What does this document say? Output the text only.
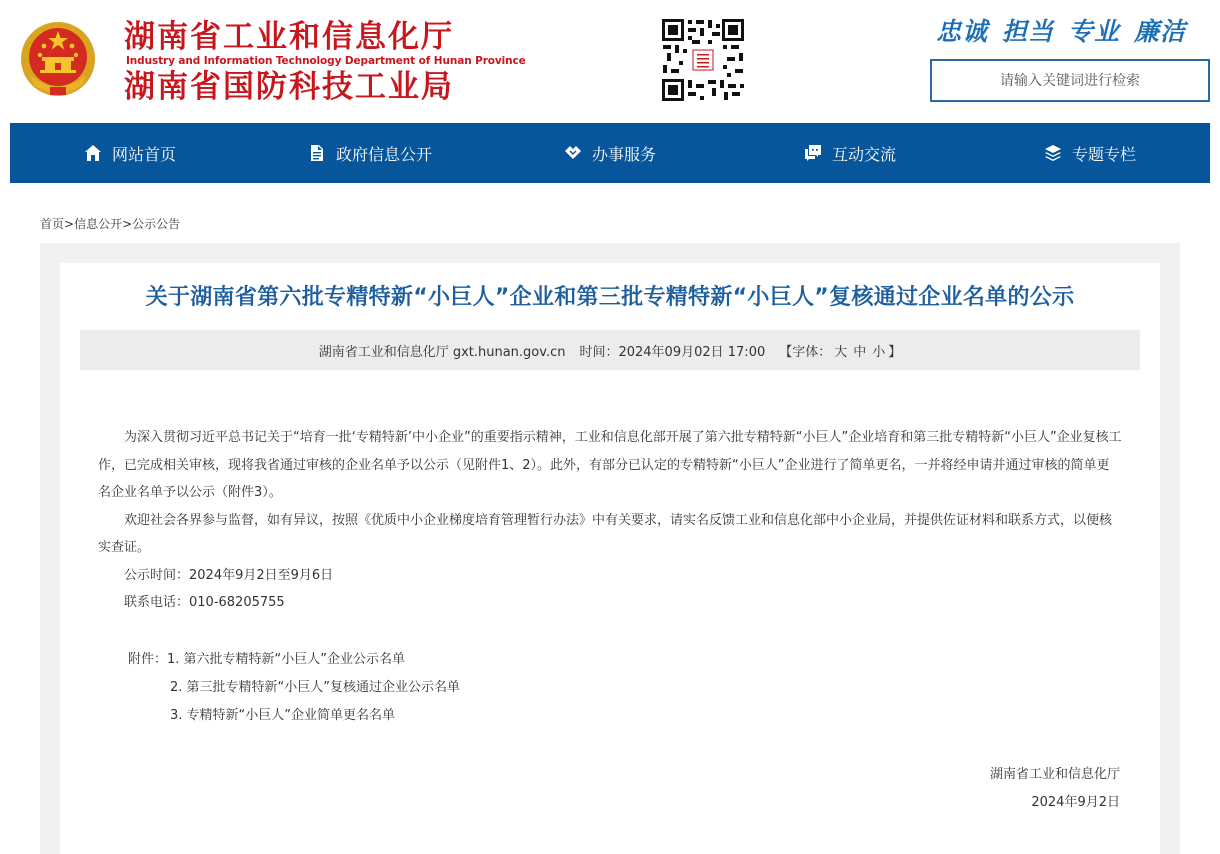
湖南省工业和信息化厅
Industry and Information Technology Department of Hunan Province
湖南省国防科技工业局
忠诚 担当 专业 廉洁
请输入关键词进行检索
网站首页	政府信息公开	办事服务	互动交流	专题专栏
首页>信息公开>公示公告
关于湖南省第六批专精特新“小巨人”企业和第三批专精特新“小巨人”复核通过企业名单的公示
湖南省工业和信息化厅 gxt.hunan.gov.cn 时间：2024年09月02日 17:00 【字体： 大 中 小 】

为深入贯彻习近平总书记关于“培育一批‘专精特新’中小企业”的重要指示精神，工业和信息化部开展了第六批专精特新“小巨人”企业培育和第三批专精特新“小巨人”企业复核工作，已完成相关审核，现将我省通过审核的企业名单予以公示（见附件1、2）。此外，有部分已认定的专精特新“小巨人”企业进行了简单更名，一并将经申请并通过审核的简单更名企业名单予以公示（附件3）。

欢迎社会各界参与监督，如有异议，按照《优质中小企业梯度培育管理暂行办法》中有关要求，请实名反馈工业和信息化部中小企业局，并提供佐证材料和联系方式，以便核实查证。

公示时间：2024年9月2日至9月6日

联系电话：010-68205755

附件：1. 第六批专精特新“小巨人”企业公示名单
2. 第三批专精特新“小巨人”复核通过企业公示名单
3. 专精特新“小巨人”企业简单更名名单
湖南省工业和信息化厅
2024年9月2日
